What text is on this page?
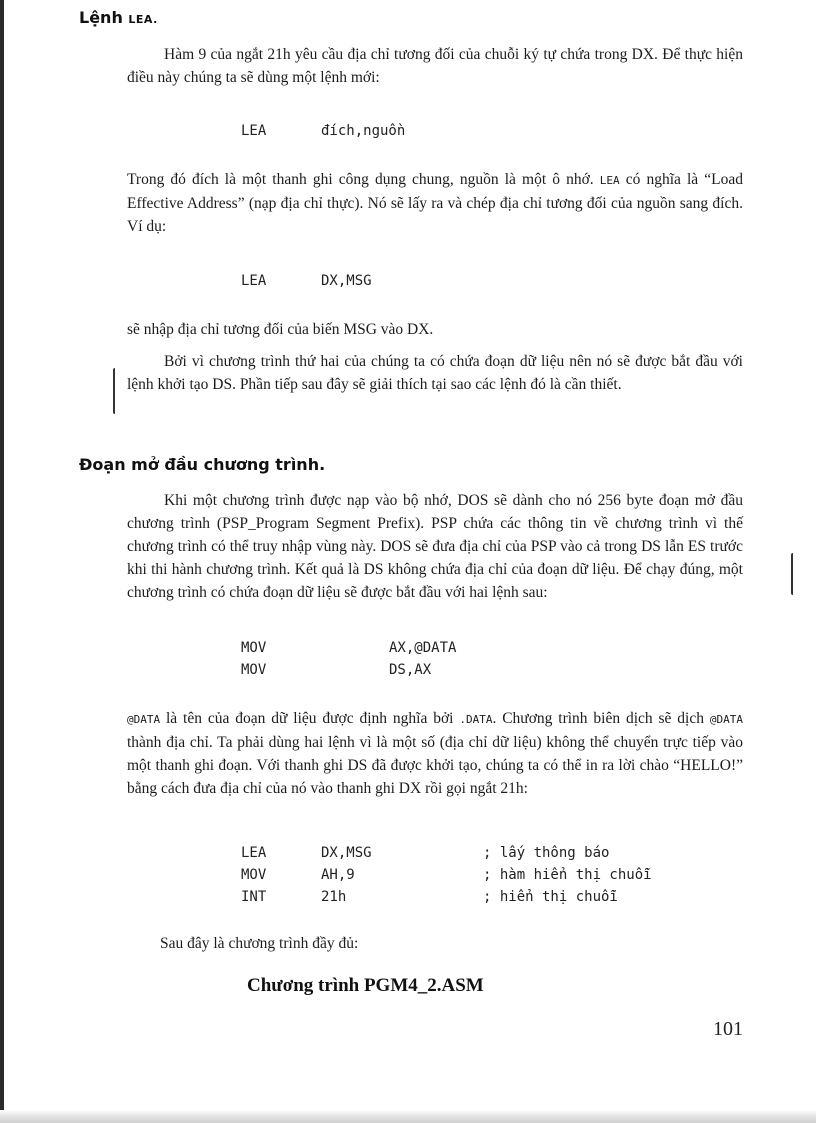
Lệnh LEA.
Hàm 9 của ngắt 21h yêu cầu địa chỉ tương đối của chuỗi ký tự chứa trong DX. Để thực hiện điều này chúng ta sẽ dùng một lệnh mới:
LEA	đích,nguồn
Trong đó đích là một thanh ghi công dụng chung, nguồn là một ô nhớ. LEA có nghĩa là “Load Effective Address” (nạp địa chỉ thực). Nó sẽ lấy ra và chép địa chỉ tương đối của nguồn sang đích. Ví dụ:
LEA	DX,MSG
sẽ nhập địa chỉ tương đối của biến MSG vào DX.
Bởi vì chương trình thứ hai của chúng ta có chứa đoạn dữ liệu nên nó sẽ được bắt đầu với lệnh khởi tạo DS. Phần tiếp sau đây sẽ giải thích tại sao các lệnh đó là cần thiết.
Đoạn mở đầu chương trình.
Khi một chương trình được nạp vào bộ nhớ, DOS sẽ dành cho nó 256 byte đoạn mở đầu chương trình (PSP_Program Segment Prefix). PSP chứa các thông tin về chương trình vì thế chương trình có thể truy nhập vùng này. DOS sẽ đưa địa chỉ của PSP vào cả trong DS lẫn ES trước khi thi hành chương trình. Kết quả là DS không chứa địa chỉ của đoạn dữ liệu. Để chạy đúng, một chương trình có chứa đoạn dữ liệu sẽ được bắt đầu với hai lệnh sau:
MOV	AX,@DATA
MOV	DS,AX
@DATA là tên của đoạn dữ liệu được định nghĩa bởi .DATA. Chương trình biên dịch sẽ dịch @DATA thành địa chỉ. Ta phải dùng hai lệnh vì là một số (địa chỉ dữ liệu) không thể chuyển trực tiếp vào một thanh ghi đoạn. Với thanh ghi DS đã được khởi tạo, chúng ta có thể in ra lời chào “HELLO!” bằng cách đưa địa chỉ của nó vào thanh ghi DX rồi gọi ngắt 21h:
LEA	DX,MSG	; lấy thông báo
MOV	AH,9	; hàm hiển thị chuỗi
INT	21h	; hiển thị chuỗi
Sau đây là chương trình đầy đủ:
Chương trình PGM4_2.ASM
101
